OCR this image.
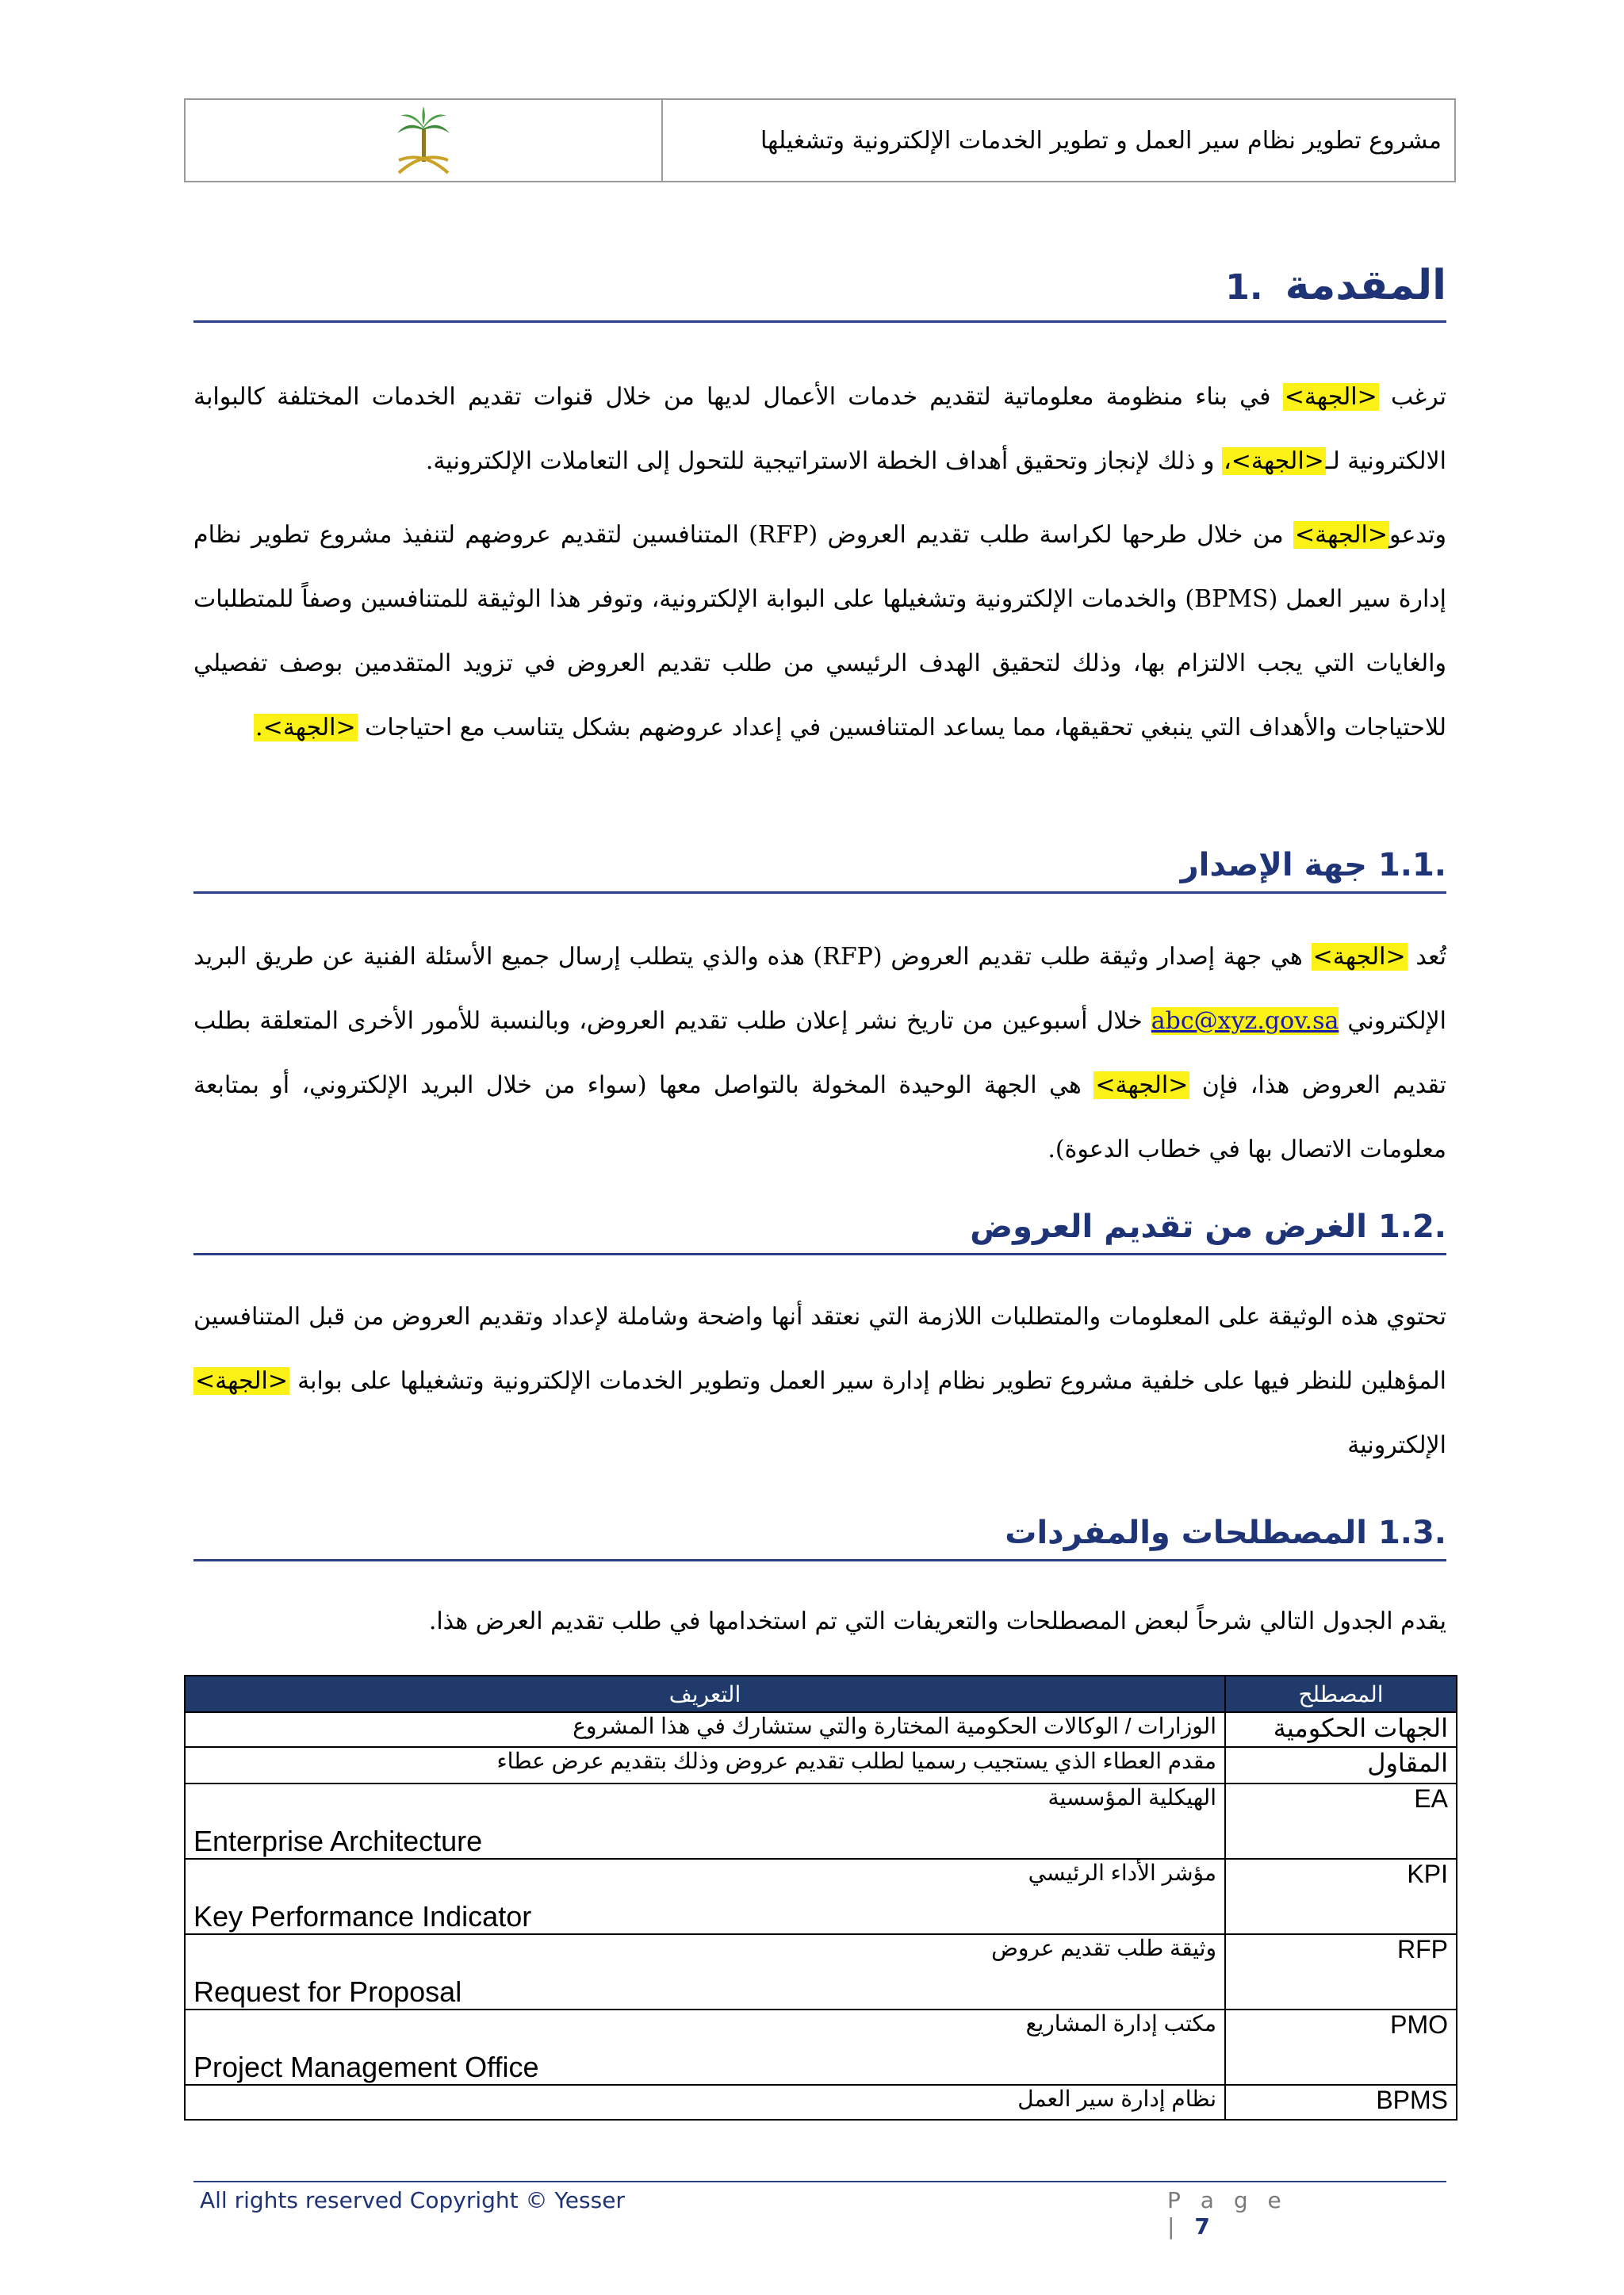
مشروع تطوير نظام سير العمل و تطوير الخدمات الإلكترونية وتشغيلها
المقدمة
.1

ترغب <الجهة> في بناء منظومة معلوماتية لتقديم خدمات الأعمال لديها من خلال قنوات تقديم الخدمات المختلفة كالبوابة الالكترونية لـ<الجهة>، و ذلك لإنجاز وتحقيق أهداف الخطة الاستراتيجية للتحول إلى التعاملات الإلكترونية.

وتدعو<الجهة> من خلال طرحها لكراسة طلب تقديم العروض (RFP) المتنافسين لتقديم عروضهم لتنفيذ مشروع تطوير نظام إدارة سير العمل (BPMS) والخدمات الإلكترونية وتشغيلها على البوابة الإلكترونية، وتوفر هذا الوثيقة للمتنافسين وصفاً للمتطلبات والغايات التي يجب الالتزام بها، وذلك لتحقيق الهدف الرئيسي من طلب تقديم العروض في تزويد المتقدمين بوصف تفصيلي للاحتياجات والأهداف التي ينبغي تحقيقها، مما يساعد المتنافسين في إعداد عروضهم بشكل يتناسب مع احتياجات <الجهة>.

.1.1 جهة الإصدار

تُعد <الجهة> هي جهة إصدار وثيقة طلب تقديم العروض (RFP) هذه والذي يتطلب إرسال جميع الأسئلة الفنية عن طريق البريد الإلكتروني abc@xyz.gov.sa خلال أسبوعين من تاريخ نشر إعلان طلب تقديم العروض، وبالنسبة للأمور الأخرى المتعلقة بطلب تقديم العروض هذا، فإن <الجهة> هي الجهة الوحيدة المخولة بالتواصل معها (سواء من خلال البريد الإلكتروني، أو بمتابعة معلومات الاتصال بها في خطاب الدعوة).

.1.2 الغرض من تقديم العروض

تحتوي هذه الوثيقة على المعلومات والمتطلبات اللازمة التي نعتقد أنها واضحة وشاملة لإعداد وتقديم العروض من قبل المتنافسين المؤهلين للنظر فيها على خلفية مشروع تطوير نظام إدارة سير العمل وتطوير الخدمات الإلكترونية وتشغيلها على بوابة <الجهة> الإلكترونية

.1.3 المصطلحات والمفردات

يقدم الجدول التالي شرحاً لبعض المصطلحات والتعريفات التي تم استخدامها في طلب تقديم العرض هذا.

المصطلح	التعريف
الجهات الحكومية	الوزارات / الوكالات الحكومية المختارة والتي ستشارك في هذا المشروع

المقاول	مقدم العطاء الذي يستجيب رسميا لطلب تقديم عروض وذلك بتقديم عرض عطاء

EA	الهيكلية المؤسسية
Enterprise Architecture

KPI	مؤشر الأداء الرئيسي
Key Performance Indicator

RFP	وثيقة طلب تقديم عروض
Request for Proposal

PMO	مكتب إدارة المشاريع
Project Management Office

BPMS	نظام إدارة سير العمل
All rights reserved Copyright © Yesser	P a g e | 7
